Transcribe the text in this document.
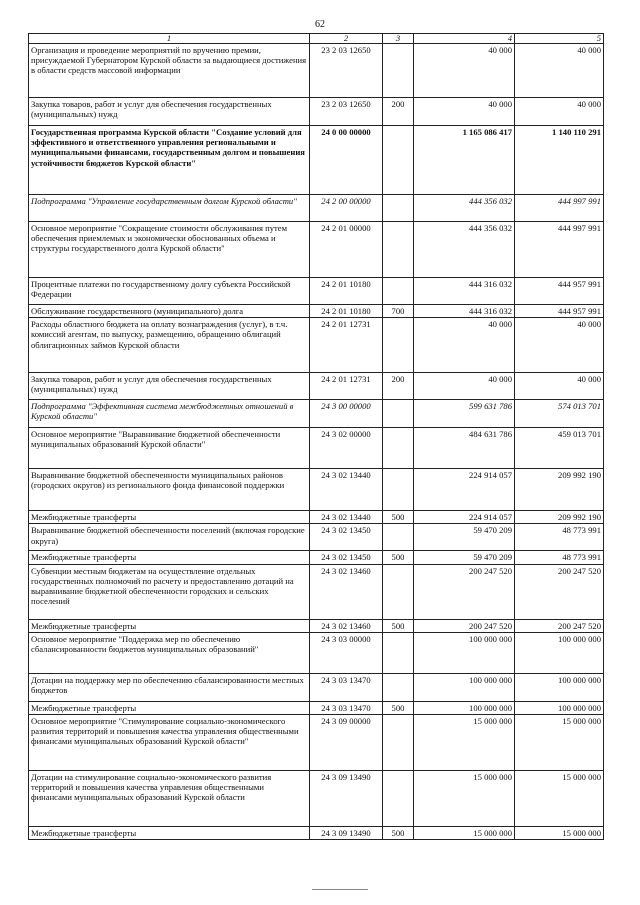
62
1	2	3	4	5
Организация и проведение мероприятий по вручению премии, присуждаемой Губернатором Курской области за выдающиеся достижения в области средств массовой информации	23 2 03 12650		40 000	40 000
Закупка товаров, работ и услуг для обеспечения государственных (муниципальных) нужд	23 2 03 12650	200	40 000	40 000
Государственная программа Курской области "Создание условий для эффективного и ответственного управления региональными и муниципальными финансами, государственным долгом и повышения устойчивости бюджетов Курской области"	24 0 00 00000		1 165 086 417	1 140 110 291
Подпрограмма "Управление государственным долгом Курской области"	24 2 00 00000		444 356 032	444 997 991
Основное мероприятие "Сокращение стоимости обслуживания путем обеспечения приемлемых и экономически обоснованных объема и структуры государственного долга Курской области"	24 2 01 00000		444 356 032	444 997 991
Процентные платежи по государственному долгу субъекта Российской Федерации	24 2 01 10180		444 316 032	444 957 991
Обслуживание государственного (муниципального) долга	24 2 01 10180	700	444 316 032	444 957 991
Расходы областного бюджета на оплату вознаграждения (услуг), в т.ч. комиссий агентам, по выпуску, размещению, обращению облигаций облигационных займов Курской области	24 2 01 12731		40 000	40 000
Закупка товаров, работ и услуг для обеспечения государственных (муниципальных) нужд	24 2 01 12731	200	40 000	40 000
Подпрограмма "Эффективная система межбюджетных отношений в Курской области"	24 3 00 00000		599 631 786	574 013 701
Основное мероприятие "Выравнивание бюджетной обеспеченности муниципальных образований Курской области"	24 3 02 00000		484 631 786	459 013 701
Выравнивание бюджетной обеспеченности муниципальных районов (городских округов) из регионального фонда финансовой поддержки	24 3 02 13440		224 914 057	209 992 190
Межбюджетные трансферты	24 3 02 13440	500	224 914 057	209 992 190
Выравнивание бюджетной обеспеченности поселений (включая городские округа)	24 3 02 13450		59 470 209	48 773 991
Межбюджетные трансферты	24 3 02 13450	500	59 470 209	48 773 991
Субвенции местным бюджетам на осуществление отдельных государственных полномочий по расчету и предоставлению дотаций на выравнивание бюджетной обеспеченности городских и сельских поселений	24 3 02 13460		200 247 520	200 247 520
Межбюджетные трансферты	24 3 02 13460	500	200 247 520	200 247 520
Основное мероприятие "Поддержка мер по обеспечению сбалансированности бюджетов муниципальных образований"	24 3 03 00000		100 000 000	100 000 000
Дотации на поддержку мер по обеспечению сбалансированности местных бюджетов	24 3 03 13470		100 000 000	100 000 000
Межбюджетные трансферты	24 3 03 13470	500	100 000 000	100 000 000
Основное мероприятие "Стимулирование социально-экономического развития территорий и повышения качества управления общественными финансами муниципальных образований Курской области"	24 3 09 00000		15 000 000	15 000 000
Дотации на стимулирование социально-экономического развития территорий и повышения качества управления общественными финансами муниципальных образований Курской области	24 3 09 13490		15 000 000	15 000 000
Межбюджетные трансферты	24 3 09 13490	500	15 000 000	15 000 000
